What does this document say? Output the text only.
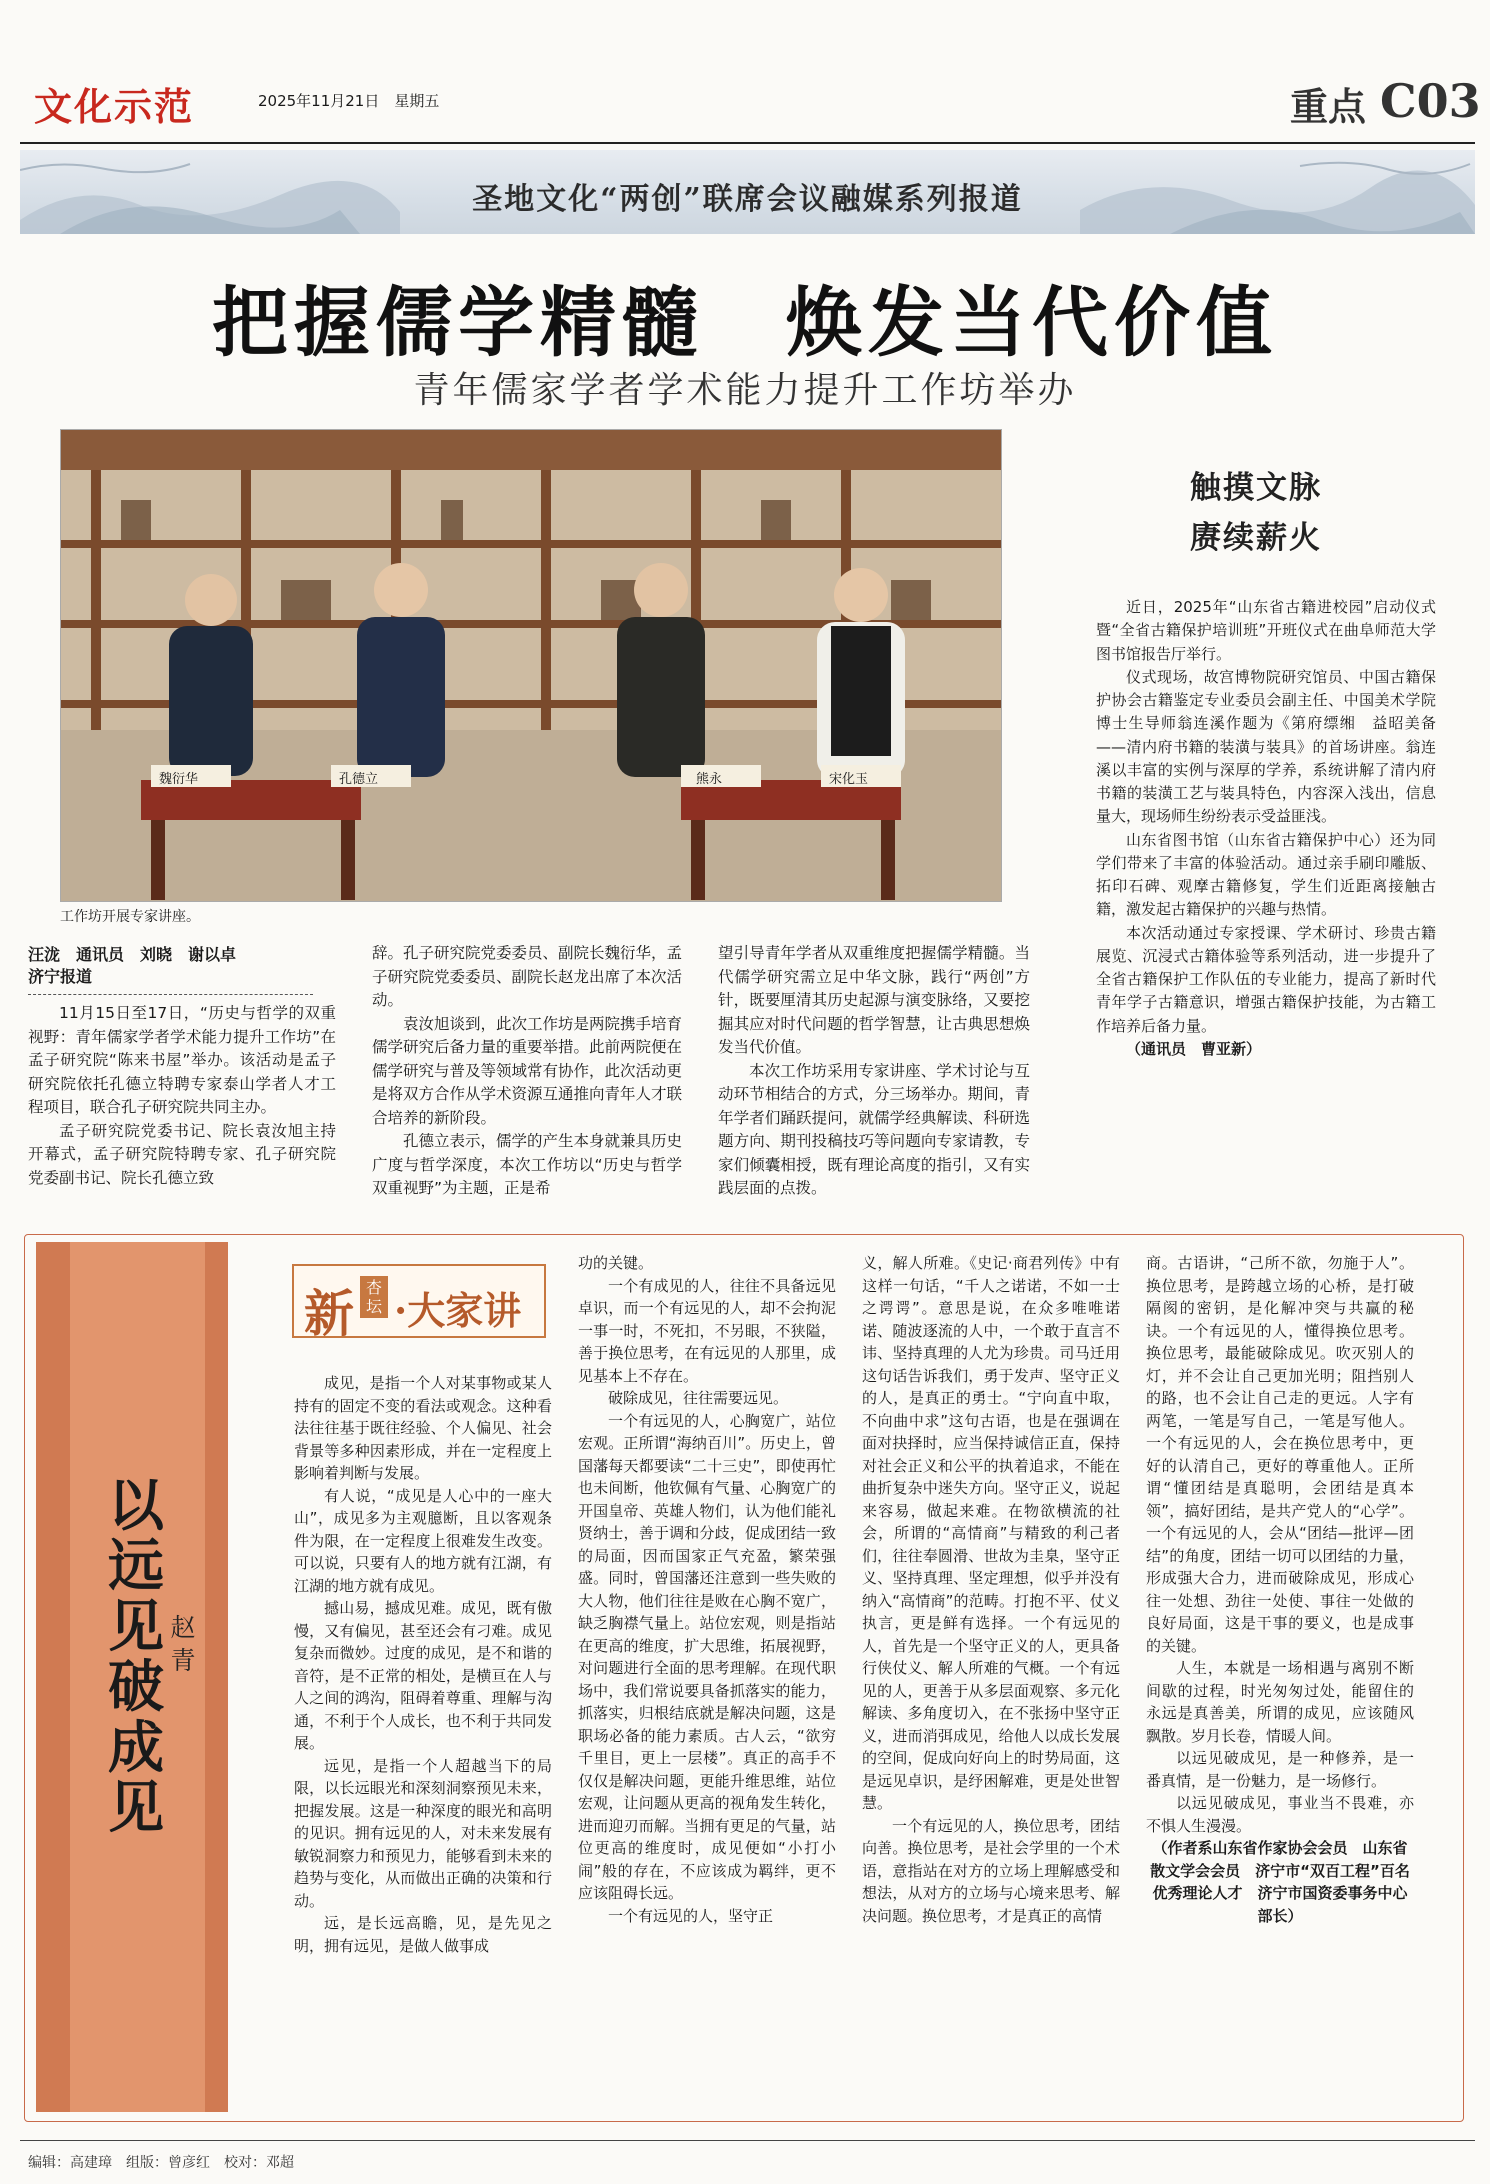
文化示范	2025年11月21日　星期五	重点 C03
圣地文化“两创”联席会议融媒系列报道
把握儒学精髓　焕发当代价值
青年儒家学者学术能力提升工作坊举办
魏衍华	孔德立	熊永	宋化玉
工作坊开展专家讲座。
触摸文脉
赓续薪火

近日，2025年“山东省古籍进校园”启动仪式暨“全省古籍保护培训班”开班仪式在曲阜师范大学图书馆报告厅举行。

仪式现场，故宫博物院研究馆员、中国古籍保护协会古籍鉴定专业委员会副主任、中国美术学院博士生导师翁连溪作题为《第府缥缃　益昭美备——清内府书籍的装潢与装具》的首场讲座。翁连溪以丰富的实例与深厚的学养，系统讲解了清内府书籍的装潢工艺与装具特色，内容深入浅出，信息量大，现场师生纷纷表示受益匪浅。

山东省图书馆（山东省古籍保护中心）还为同学们带来了丰富的体验活动。通过亲手刷印雕版、拓印石碑、观摩古籍修复，学生们近距离接触古籍，激发起古籍保护的兴趣与热情。

本次活动通过专家授课、学术研讨、珍贵古籍展览、沉浸式古籍体验等系列活动，进一步提升了全省古籍保护工作队伍的专业能力，提高了新时代青年学子古籍意识，增强古籍保护技能，为古籍工作培养后备力量。

（通讯员　曹亚新）

汪泷　通讯员　刘晓　谢以卓
济宁报道

11月15日至17日，“历史与哲学的双重视野：青年儒家学者学术能力提升工作坊”在孟子研究院“陈来书屋”举办。该活动是孟子研究院依托孔德立特聘专家泰山学者人才工程项目，联合孔子研究院共同主办。

孟子研究院党委书记、院长袁汝旭主持开幕式，孟子研究院特聘专家、孔子研究院党委副书记、院长孔德立致

辞。孔子研究院党委委员、副院长魏衍华，孟子研究院党委委员、副院长赵龙出席了本次活动。

袁汝旭谈到，此次工作坊是两院携手培育儒学研究后备力量的重要举措。此前两院便在儒学研究与普及等领域常有协作，此次活动更是将双方合作从学术资源互通推向青年人才联合培养的新阶段。

孔德立表示，儒学的产生本身就兼具历史广度与哲学深度，本次工作坊以“历史与哲学双重视野”为主题，正是希

望引导青年学者从双重维度把握儒学精髓。当代儒学研究需立足中华文脉，践行“两创”方针，既要厘清其历史起源与演变脉络，又要挖掘其应对时代问题的哲学智慧，让古典思想焕发当代价值。

本次工作坊采用专家讲座、学术讨论与互动环节相结合的方式，分三场举办。期间，青年学者们踊跃提问，就儒学经典解读、科研选题方向、期刊投稿技巧等问题向专家请教，专家们倾囊相授，既有理论高度的指引，又有实践层面的点拨。

以远见破成见
赵青
新 杏坛 ·大家讲

成见，是指一个人对某事物或某人持有的固定不变的看法或观念。这种看法往往基于既往经验、个人偏见、社会背景等多种因素形成，并在一定程度上影响着判断与发展。

有人说，“成见是人心中的一座大山”，成见多为主观臆断，且以客观条件为限，在一定程度上很难发生改变。可以说，只要有人的地方就有江湖，有江湖的地方就有成见。

撼山易，撼成见难。成见，既有傲慢，又有偏见，甚至还会有刁难。成见复杂而微妙。过度的成见，是不和谐的音符，是不正常的相处，是横亘在人与人之间的鸿沟，阻碍着尊重、理解与沟通，不利于个人成长，也不利于共同发展。

远见，是指一个人超越当下的局限，以长远眼光和深刻洞察预见未来，把握发展。这是一种深度的眼光和高明的见识。拥有远见的人，对未来发展有敏锐洞察力和预见力，能够看到未来的趋势与变化，从而做出正确的决策和行动。

远，是长远高瞻，见，是先见之明，拥有远见，是做人做事成

功的关键。

一个有成见的人，往往不具备远见卓识，而一个有远见的人，却不会拘泥一事一时，不死扣，不另眼，不狭隘，善于换位思考，在有远见的人那里，成见基本上不存在。

破除成见，往往需要远见。

一个有远见的人，心胸宽广，站位宏观。正所谓“海纳百川”。历史上，曾国藩每天都要读“二十三史”，即使再忙也未间断，他钦佩有气量、心胸宽广的开国皇帝、英雄人物们，认为他们能礼贤纳士，善于调和分歧，促成团结一致的局面，因而国家正气充盈，繁荣强盛。同时，曾国藩还注意到一些失败的大人物，他们往往是败在心胸不宽广，缺乏胸襟气量上。站位宏观，则是指站在更高的维度，扩大思维，拓展视野，对问题进行全面的思考理解。在现代职场中，我们常说要具备抓落实的能力，抓落实，归根结底就是解决问题，这是职场必备的能力素质。古人云，“欲穷千里目，更上一层楼”。真正的高手不仅仅是解决问题，更能升维思维，站位宏观，让问题从更高的视角发生转化，进而迎刃而解。当拥有更足的气量，站位更高的维度时，成见便如“小打小闹”般的存在，不应该成为羁绊，更不应该阻碍长远。

一个有远见的人，坚守正

义，解人所难。《史记·商君列传》中有这样一句话，“千人之诺诺，不如一士之谔谔”。意思是说，在众多唯唯诺诺、随波逐流的人中，一个敢于直言不讳、坚持真理的人尤为珍贵。司马迁用这句话告诉我们，勇于发声、坚守正义的人，是真正的勇士。“宁向直中取，不向曲中求”这句古语，也是在强调在面对抉择时，应当保持诚信正直，保持对社会正义和公平的执着追求，不能在曲折复杂中迷失方向。坚守正义，说起来容易，做起来难。在物欲横流的社会，所谓的“高情商”与精致的利己者们，往往奉圆滑、世故为圭臬，坚守正义、坚持真理、坚定理想，似乎并没有纳入“高情商”的范畴。打抱不平、仗义执言，更是鲜有选择。一个有远见的人，首先是一个坚守正义的人，更具备行侠仗义、解人所难的气概。一个有远见的人，更善于从多层面观察、多元化解读、多角度切入，在不张扬中坚守正义，进而消弭成见，给他人以成长发展的空间，促成向好向上的时势局面，这是远见卓识，是纾困解难，更是处世智慧。

一个有远见的人，换位思考，团结向善。换位思考，是社会学里的一个术语，意指站在对方的立场上理解感受和想法，从对方的立场与心境来思考、解决问题。换位思考，才是真正的高情

商。古语讲，“己所不欲，勿施于人”。换位思考，是跨越立场的心桥，是打破隔阂的密钥，是化解冲突与共赢的秘诀。一个有远见的人，懂得换位思考。换位思考，最能破除成见。吹灭别人的灯，并不会让自己更加光明；阻挡别人的路，也不会让自己走的更远。人字有两笔，一笔是写自己，一笔是写他人。一个有远见的人，会在换位思考中，更好的认清自己，更好的尊重他人。正所谓“懂团结是真聪明，会团结是真本领”，搞好团结，是共产党人的“心学”。一个有远见的人，会从“团结—批评—团结”的角度，团结一切可以团结的力量，形成强大合力，进而破除成见，形成心往一处想、劲往一处使、事往一处做的良好局面，这是干事的要义，也是成事的关键。

人生，本就是一场相遇与离别不断间歇的过程，时光匆匆过处，能留住的永远是真善美，所谓的成见，应该随风飘散。岁月长卷，情暖人间。

以远见破成见，是一种修养，是一番真情，是一份魅力，是一场修行。

以远见破成见，事业当不畏难，亦不惧人生漫漫。

（作者系山东省作家协会会员　山东省散文学会会员　济宁市“双百工程”百名优秀理论人才　济宁市国资委事务中心部长）

编辑：高建璋　组版：曾彦红　校对：邓超
